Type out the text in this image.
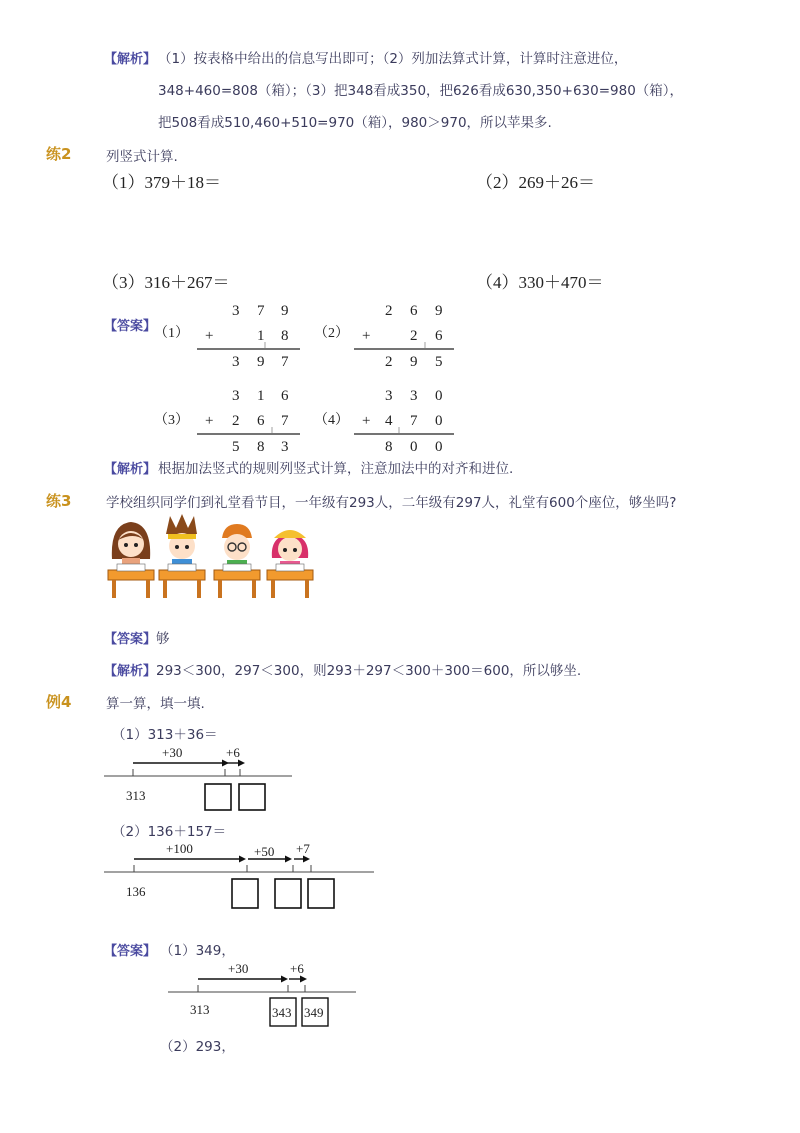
【解析】 （1）按表格中给出的信息写出即可；（2）列加法算式计算，计算时注意进位，
348+460=808（箱）；（3）把348看成350，把626看成630,350+630=980（箱），
把508看成510,460+510=970（箱），980＞970，所以苹果多.
练2	列竖式计算.
（1）379＋18＝	（2）269＋26＝
（3）316＋267＝	（4）330＋470＝
【答案】
（1）
3 7 9
+	1 8
3 9 7
（2）
2 6 9
+	2 6
2 9 5
（3）
3 1 6
+ 2 6 7
5 8 3
（4）
3 3 0
+ 4 7 0
8 0 0
【解析】 根据加法竖式的规则列竖式计算，注意加法中的对齐和进位.
练3	学校组织同学们到礼堂看节目，一年级有293人，二年级有297人，礼堂有600个座位，够坐吗?
【答案】 够
【解析】 293＜300，297＜300，则293＋297＜300＋300＝600，所以够坐.
例4	算一算，填一填.
（1）313＋36＝
+30	+6
313
（2）136＋157＝
+100	+50 +7
136
【答案】 （1）349，
+30	+6
313	343 349
（2）293，
